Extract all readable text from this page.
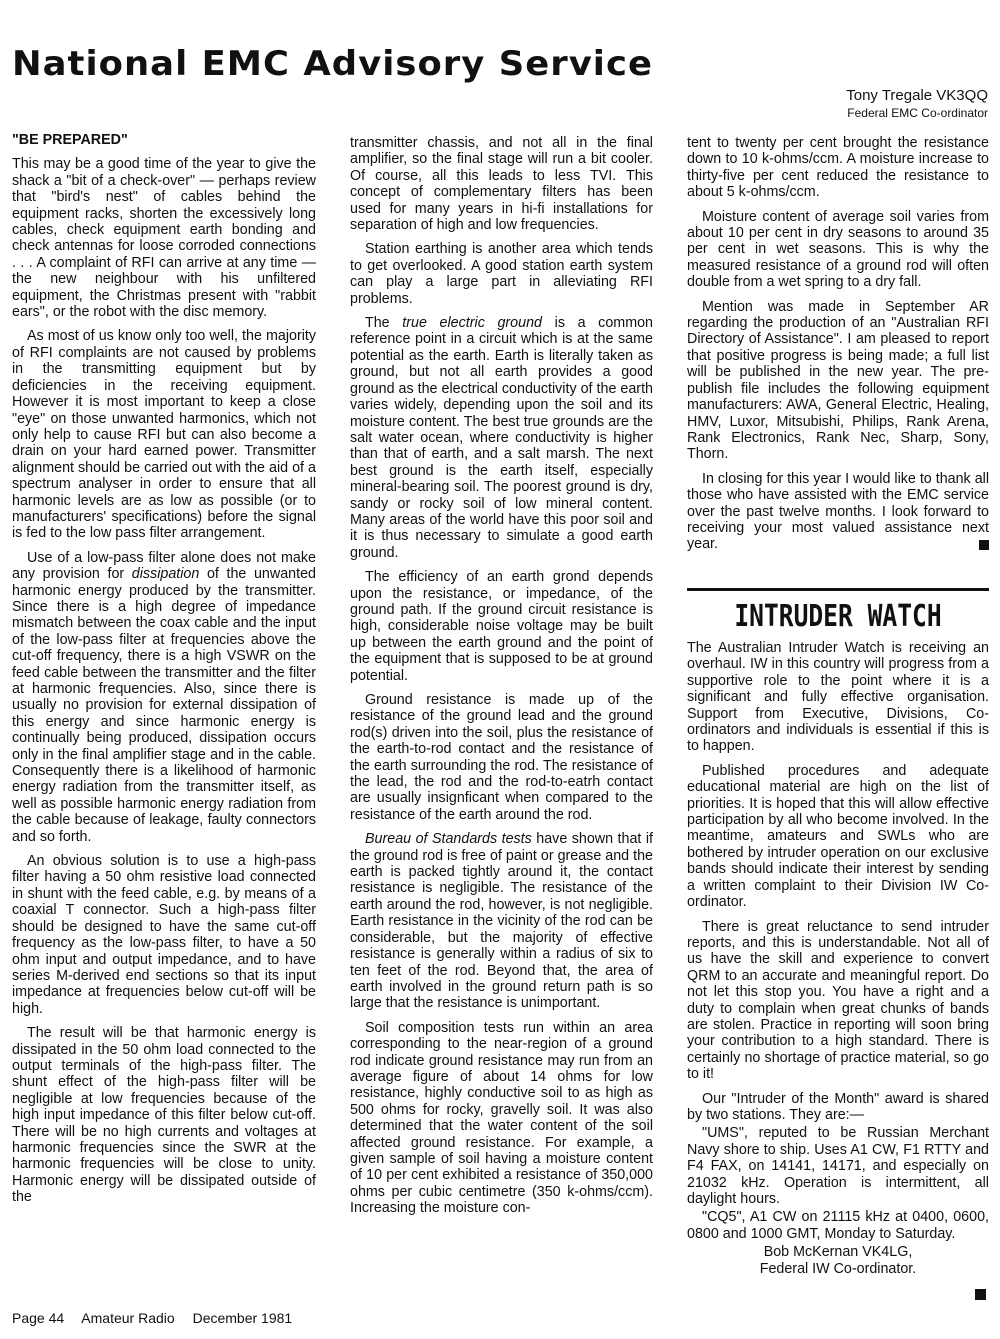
National EMC Advisory Service
Tony Tregale VK3QQ
Federal EMC Co-ordinator

"BE PREPARED"

This may be a good time of the year to give the shack a "bit of a check-over" — perhaps review that "bird's nest" of cables behind the equipment racks, shorten the excessively long cables, check equipment earth bonding and check antennas for loose corroded connections . . . A complaint of RFI can arrive at any time — the new neighbour with his unfiltered equipment, the Christmas present with "rabbit ears", or the robot with the disc memory.

As most of us know only too well, the majority of RFI complaints are not caused by problems in the transmitting equipment but by deficiencies in the receiving equipment. However it is most important to keep a close "eye" on those unwanted harmonics, which not only help to cause RFI but can also become a drain on your hard earned power. Transmitter alignment should be carried out with the aid of a spectrum analyser in order to ensure that all harmonic levels are as low as possible (or to manufacturers' specifications) before the signal is fed to the low pass filter arrangement.

Use of a low-pass filter alone does not make any provision for dissipation of the unwanted harmonic energy produced by the transmitter. Since there is a high degree of impedance mismatch between the coax cable and the input of the low-pass filter at frequencies above the cut-off frequency, there is a high VSWR on the feed cable between the transmitter and the filter at harmonic frequencies. Also, since there is usually no provision for external dissipation of this energy and since harmonic energy is continually being produced, dissipation occurs only in the final amplifier stage and in the cable. Consequently there is a likelihood of harmonic energy radiation from the transmitter itself, as well as possible harmonic energy radiation from the cable because of leakage, faulty connectors and so forth.

An obvious solution is to use a high-pass filter having a 50 ohm resistive load connected in shunt with the feed cable, e.g. by means of a coaxial T connector. Such a high-pass filter should be designed to have the same cut-off frequency as the low-pass filter, to have a 50 ohm input and output impedance, and to have series M-derived end sections so that its input impedance at frequencies below cut-off will be high.

The result will be that harmonic energy is dissipated in the 50 ohm load connected to the output terminals of the high-pass filter. The shunt effect of the high-pass filter will be negligible at low frequencies because of the high input impedance of this filter below cut-off. There will be no high currents and voltages at harmonic frequencies since the SWR at the harmonic frequencies will be close to unity. Harmonic energy will be dissipated outside of the

transmitter chassis, and not all in the final amplifier, so the final stage will run a bit cooler. Of course, all this leads to less TVI. This concept of complementary filters has been used for many years in hi-fi installations for separation of high and low frequencies.

Station earthing is another area which tends to get overlooked. A good station earth system can play a large part in alleviating RFI problems.

The true electric ground is a common reference point in a circuit which is at the same potential as the earth. Earth is literally taken as ground, but not all earth provides a good ground as the electrical conductivity of the earth varies widely, depending upon the soil and its moisture content. The best true grounds are the salt water ocean, where conductivity is higher than that of earth, and a salt marsh. The next best ground is the earth itself, especially mineral-bearing soil. The poorest ground is dry, sandy or rocky soil of low mineral content. Many areas of the world have this poor soil and it is thus necessary to simulate a good earth ground.

The efficiency of an earth grond depends upon the resistance, or impedance, of the ground path. If the ground circuit resistance is high, considerable noise voltage may be built up between the earth ground and the point of the equipment that is supposed to be at ground potential.

Ground resistance is made up of the resistance of the ground lead and the ground rod(s) driven into the soil, plus the resistance of the earth-to-rod contact and the resistance of the earth surrounding the rod. The resistance of the lead, the rod and the rod-to-eatrh contact are usually insignficant when compared to the resistance of the earth around the rod.

Bureau of Standards tests have shown that if the ground rod is free of paint or grease and the earth is packed tightly around it, the contact resistance is negligible. The resistance of the earth around the rod, however, is not negligible. Earth resistance in the vicinity of the rod can be considerable, but the majority of effective resistance is generally within a radius of six to ten feet of the rod. Beyond that, the area of earth involved in the ground return path is so large that the resistance is unimportant.

Soil composition tests run within an area corresponding to the near-region of a ground rod indicate ground resistance may run from an average figure of about 14 ohms for low resistance, highly conductive soil to as high as 500 ohms for rocky, gravelly soil. It was also determined that the water content of the soil affected ground resistance. For example, a given sample of soil having a moisture content of 10 per cent exhibited a resistance of 350,000 ohms per cubic centimetre (350 k-ohms/ccm). Increasing the moisture con-

tent to twenty per cent brought the resistance down to 10 k-ohms/ccm. A moisture increase to thirty-five per cent reduced the resistance to about 5 k-ohms/ccm.

Moisture content of average soil varies from about 10 per cent in dry seasons to around 35 per cent in wet seasons. This is why the measured resistance of a ground rod will often double from a wet spring to a dry fall.

Mention was made in September AR regarding the production of an "Australian RFI Directory of Assistance". I am pleased to report that positive progress is being made; a full list will be published in the new year. The pre-publish file includes the following equipment manufacturers: AWA, General Electric, Healing, HMV, Luxor, Mitsubishi, Philips, Rank Arena, Rank Electronics, Rank Nec, Sharp, Sony, Thorn.

In closing for this year I would like to thank all those who have assisted with the EMC service over the past twelve months. I look forward to receiving your most valued assistance next year.

INTRUDER WATCH

The Australian Intruder Watch is receiving an overhaul. IW in this country will progress from a supportive role to the point where it is a significant and fully effective organisation. Support from Executive, Divisions, Co-ordinators and individuals is essential if this is to happen.

Published procedures and adequate educational material are high on the list of priorities. It is hoped that this will allow effective participation by all who become involved. In the meantime, amateurs and SWLs who are bothered by intruder operation on our exclusive bands should indicate their interest by sending a written complaint to their Division IW Co-ordinator.

There is great reluctance to send intruder reports, and this is understandable. Not all of us have the skill and experience to convert QRM to an accurate and meaningful report. Do not let this stop you. You have a right and a duty to complain when great chunks of bands are stolen. Practice in reporting will soon bring your contribution to a high standard. There is certainly no shortage of practice material, so go to it!

Our "Intruder of the Month" award is shared by two stations. They are:—

"UMS", reputed to be Russian Merchant Navy shore to ship. Uses A1 CW, F1 RTTY and F4 FAX, on 14141, 14171, and especially on 21032 kHz. Operation is intermittent, all daylight hours.

"CQ5", A1 CW on 21115 kHz at 0400, 0600, 0800 and 1000 GMT, Monday to Saturday.

Bob McKernan VK4LG,

Federal IW Co-ordinator.

Page 44 Amateur Radio December 1981
